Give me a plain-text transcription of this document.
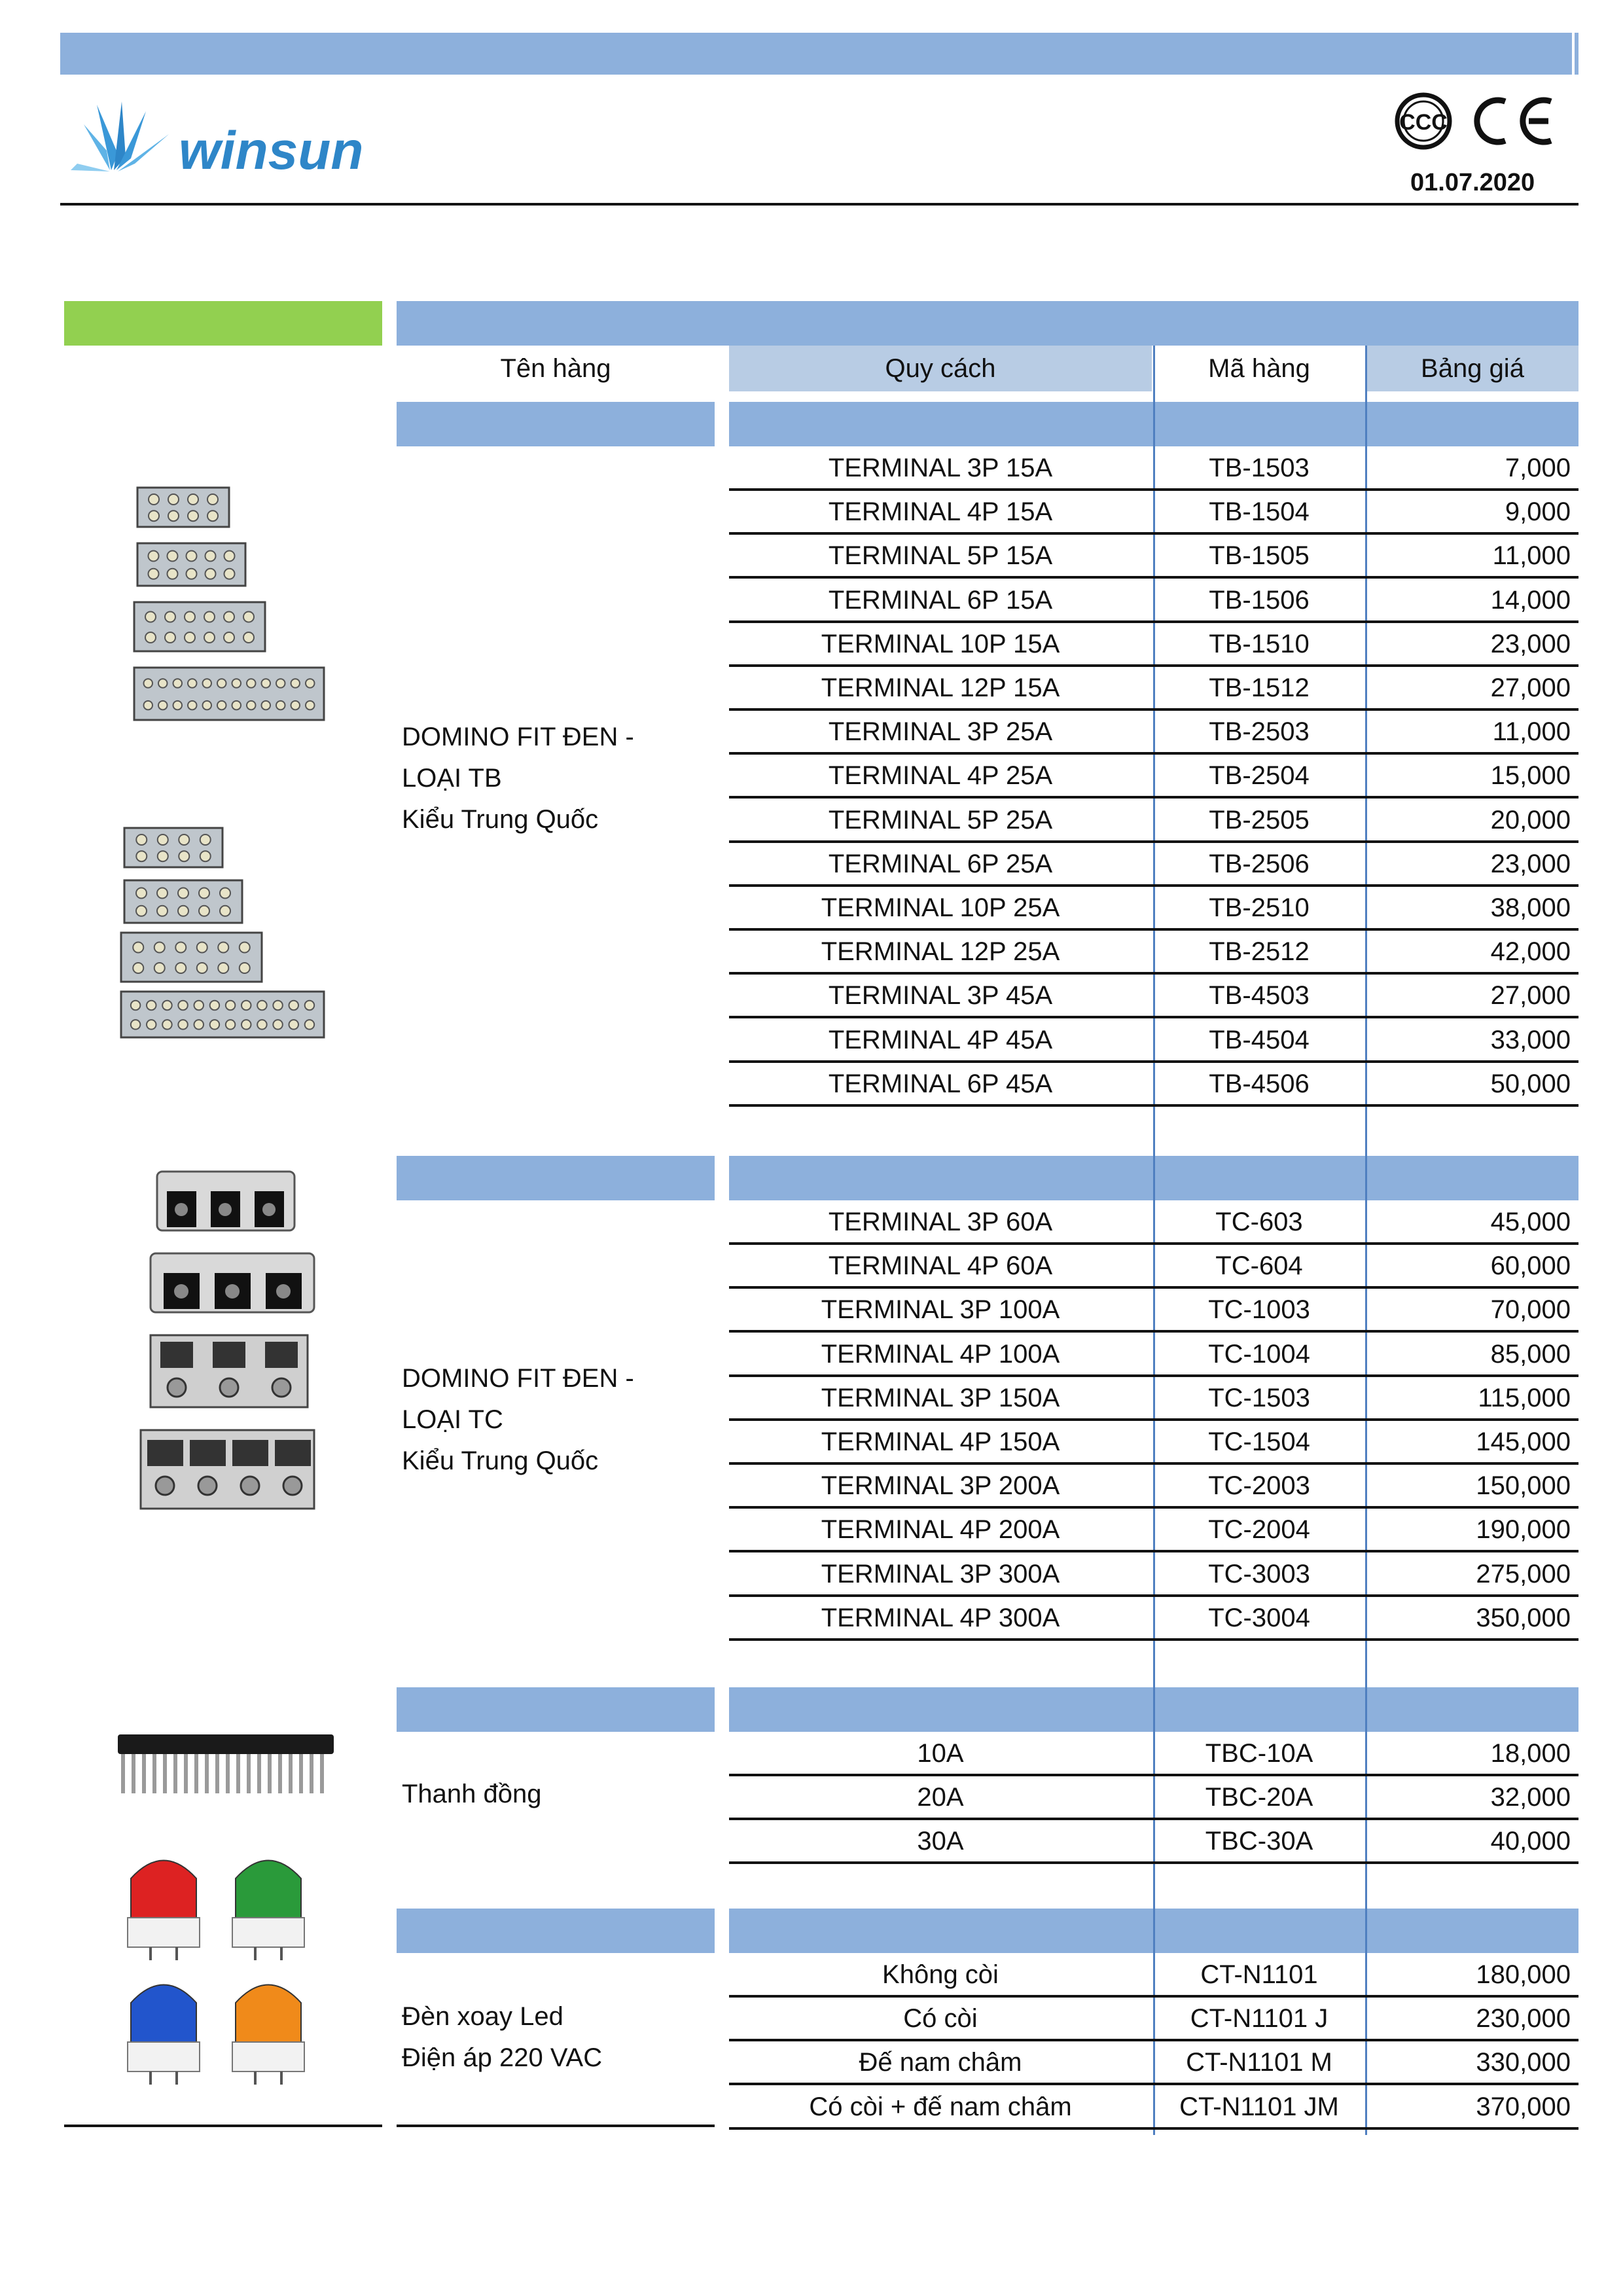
winsun	CCC
01.07.2020
Tên hàng	Quy cách	Mã hàng	Bảng giá
DOMINO FIT ĐEN -
LOẠI TB
Kiểu Trung Quốc
DOMINO FIT ĐEN -
LOẠI TC
Kiểu Trung Quốc
Thanh đồng
Đèn xoay Led
Điện áp 220 VAC
TERMINAL 3P 15A	TB-1503	7,000
TERMINAL 4P 15A	TB-1504	9,000
TERMINAL 5P 15A	TB-1505	11,000
TERMINAL 6P 15A	TB-1506	14,000
TERMINAL 10P 15A	TB-1510	23,000
TERMINAL 12P 15A	TB-1512	27,000
TERMINAL 3P 25A	TB-2503	11,000
TERMINAL 4P 25A	TB-2504	15,000
TERMINAL 5P 25A	TB-2505	20,000
TERMINAL 6P 25A	TB-2506	23,000
TERMINAL 10P 25A	TB-2510	38,000
TERMINAL 12P 25A	TB-2512	42,000
TERMINAL 3P 45A	TB-4503	27,000
TERMINAL 4P 45A	TB-4504	33,000
TERMINAL 6P 45A	TB-4506	50,000
TERMINAL 3P 60A	TC-603	45,000
TERMINAL 4P 60A	TC-604	60,000
TERMINAL 3P 100A	TC-1003	70,000
TERMINAL 4P 100A	TC-1004	85,000
TERMINAL 3P 150A	TC-1503	115,000
TERMINAL 4P 150A	TC-1504	145,000
TERMINAL 3P 200A	TC-2003	150,000
TERMINAL 4P 200A	TC-2004	190,000
TERMINAL 3P 300A	TC-3003	275,000
TERMINAL 4P 300A	TC-3004	350,000
10A	TBC-10A	18,000
20A	TBC-20A	32,000
30A	TBC-30A	40,000
Không còi	CT-N1101	180,000
Có còi	CT-N1101 J	230,000
Đế nam châm	CT-N1101 M	330,000
Có còi + đế nam châm	CT-N1101 JM	370,000
